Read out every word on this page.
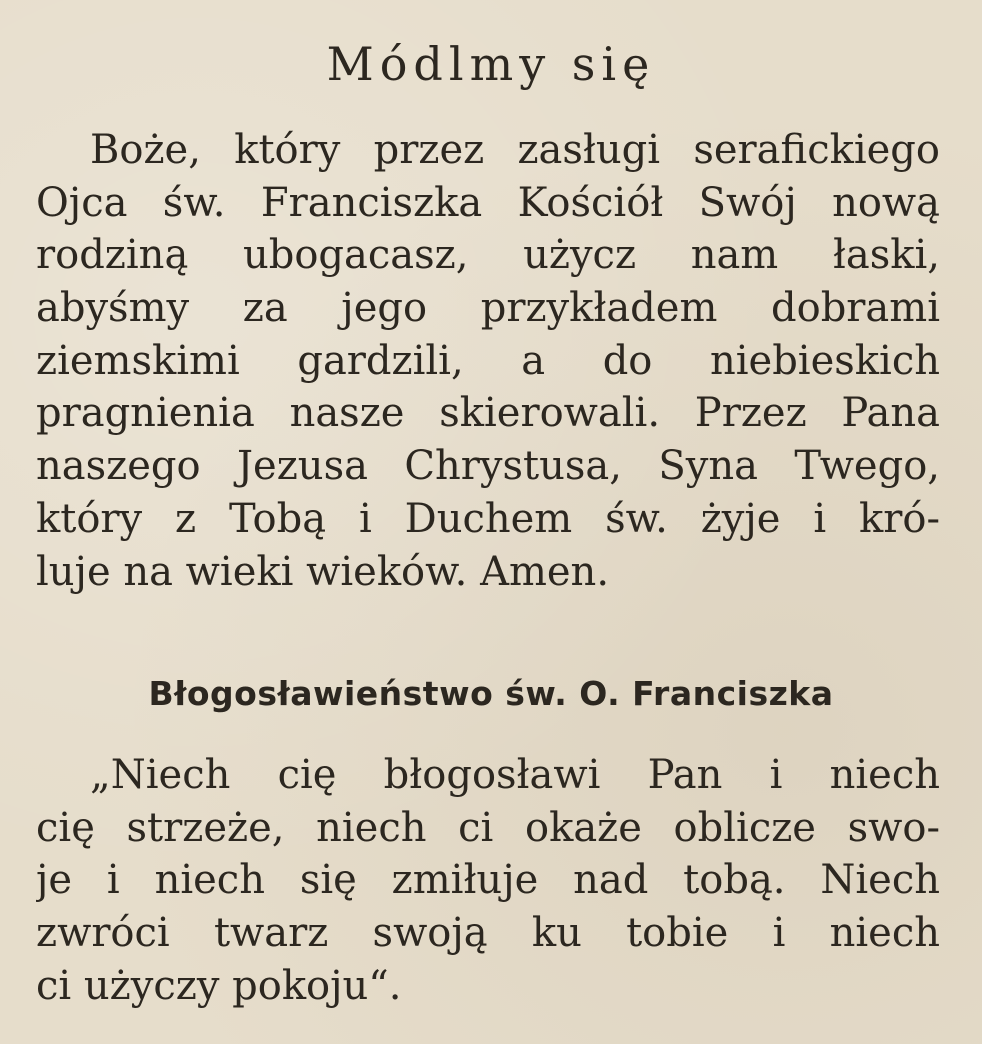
Módlmy się
Boże, który przez zasługi serafickiego
Ojca św. Franciszka Kościół Swój nową
rodziną ubogacasz, użycz nam łaski,
abyśmy za jego przykładem dobrami
ziemskimi gardzili, a do niebieskich
pragnienia nasze skierowali. Przez Pana
naszego Jezusa Chrystusa, Syna Twego,
który z Tobą i Duchem św. żyje i kró-
luje na wieki wieków. Amen.
Błogosławieństwo św. O. Franciszka
„Niech cię błogosławi Pan i niech
cię strzeże, niech ci okaże oblicze swo-
je i niech się zmiłuje nad tobą. Niech
zwróci twarz swoją ku tobie i niech
ci użyczy pokoju“.
